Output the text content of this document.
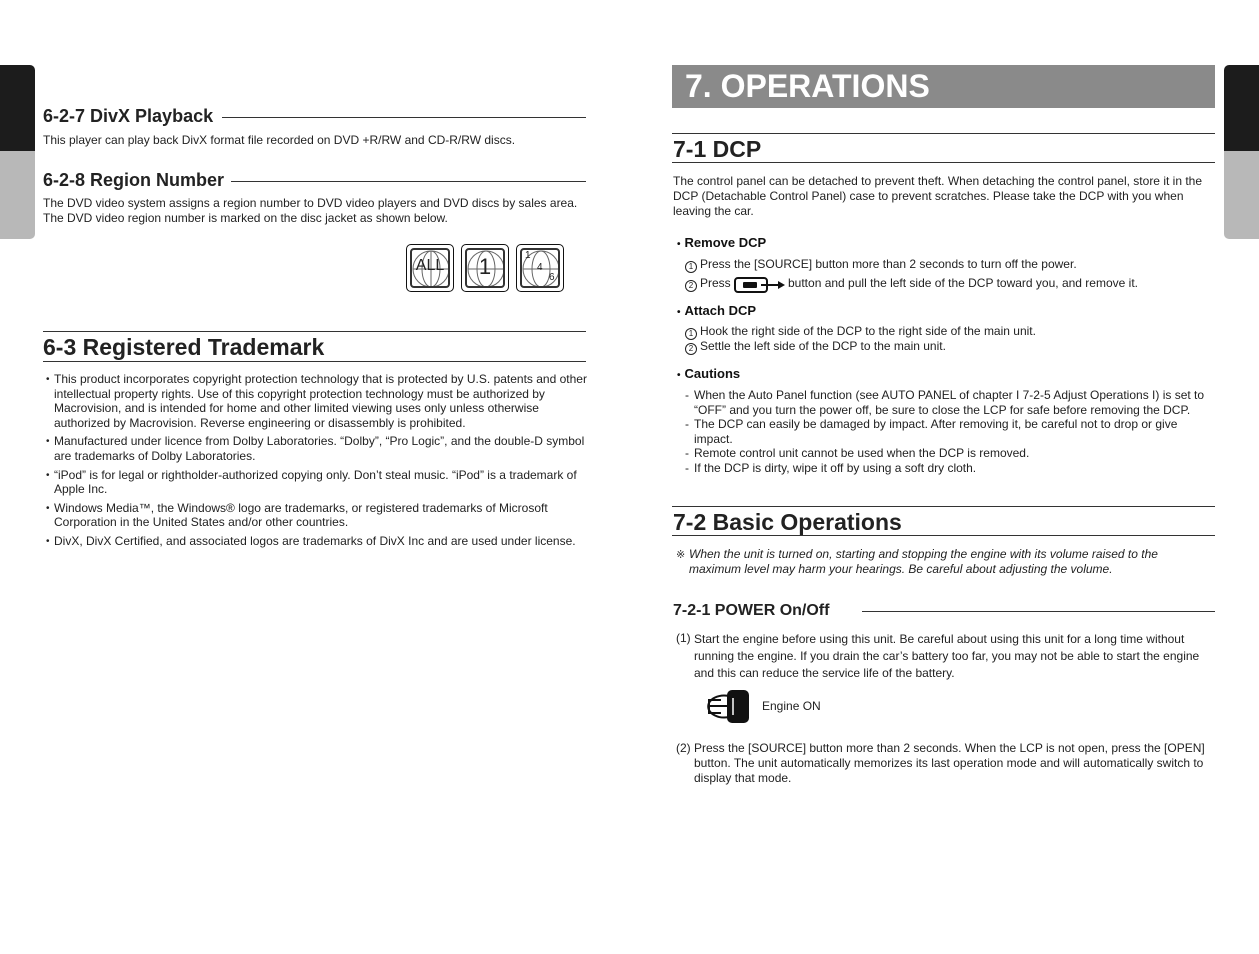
6-2-7 DivX Playback
This player can play back DivX format file recorded on DVD +R/RW and CD-R/RW discs.
6-2-8 Region Number
The DVD video system assigns a region number to DVD video players and DVD discs by sales area. The DVD video region number is marked on the disc jacket as shown below.
ALL	1	1
4
6
6-3 Registered Trademark
• This product incorporates copyright protection technology that is protected by U.S. patents and other intellectual property rights. Use of this copyright protection technology must be authorized by Macrovision, and is intended for home and other limited viewing uses only unless otherwise authorized by Macrovision. Reverse engineering or disassembly is prohibited.
• Manufactured under licence from Dolby Laboratories. “Dolby”, “Pro Logic”, and the double-D symbol are trademarks of Dolby Laboratories.
• “iPod” is for legal or rightholder-authorized copying only. Don’t steal music. “iPod” is a trademark of Apple Inc.
• Windows Media™, the Windows® logo are trademarks, or registered trademarks of Microsoft Corporation in the United States and/or other countries.
• DivX, DivX Certified, and associated logos are trademarks of DivX Inc and are used under license.
7. OPERATIONS
7-1 DCP
The control panel can be detached to prevent theft. When detaching the control panel, store it in the DCP (Detachable Control Panel) case to prevent scratches. Please take the DCP with you when leaving the car.
• Remove DCP
1 Press the [SOURCE] button more than 2 seconds to turn off the power.
2 Press	button and pull the left side of the DCP toward you, and remove it.
• Attach DCP
1 Hook the right side of the DCP to the right side of the main unit.
2 Settle the left side of the DCP to the main unit.
• Cautions
- When the Auto Panel function (see AUTO PANEL of chapter I 7-2-5 Adjust Operations I) is set to “OFF” and you turn the power off, be sure to close the LCP for safe before removing the DCP.
- The DCP can easily be damaged by impact. After removing it, be careful not to drop or give impact.
- Remote control unit cannot be used when the DCP is removed.
- If the DCP is dirty, wipe it off by using a soft dry cloth.
7-2 Basic Operations
※ When the unit is turned on, starting and stopping the engine with its volume raised to the maximum level may harm your hearings. Be careful about adjusting the volume.
7-2-1 POWER On/Off
(1) Start the engine before using this unit. Be careful about using this unit for a long time without running the engine. If you drain the car’s battery too far, you may not be able to start the engine and this can reduce the service life of the battery.
Engine ON
(2) Press the [SOURCE] button more than 2 seconds. When the LCP is not open, press the [OPEN] button. The unit automatically memorizes its last operation mode and will automatically switch to display that mode.
